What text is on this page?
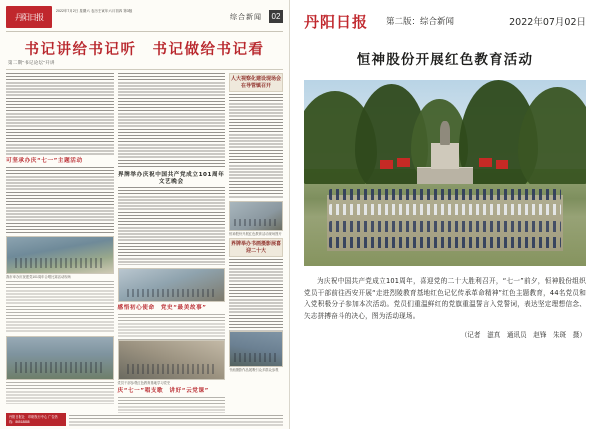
丹阳日报
2022年7月2日 星期六 农历壬寅年六月初四 第3版
综合新闻	02
书记讲给书记听　书记做给书记看
第二期“书记论坛”开讲
可坚承办庆“七一”主题活动
我市举办庆祝建党101周年合唱比赛活动现场
界牌举办庆祝中国共产党成立101周年文艺晚会
感悟初心使命　党史“最美故事”
党员干部参观红色教育基地学习党史
庆“七一”唱支歌　讲好“云党课”
人大视察化建设现场会在导管镇召开
恒神股份开展红色教育活动现场图片
界牌举办书画摄影展喜迎二十大
书画摄影作品展吸引众多群众参观
丹阳日报社　印刷发行中心 广告热线：86518888
丹阳日报 第二版：综合新闻	2022年07月02日
恒神股份开展红色教育活动

为庆祝中国共产党成立101周年，喜迎党的二十大胜利召开，“七一”前夕，恒神股份组织党员干部前往西安开展“走进烈陵教育基地红色记忆传承革命精神”红色主题教育，44名党员和入党积极分子参加本次活动。党员们重温鲜红的党旗重温誓言入党誓词，表达坚定理想信念、矢志拼搏奋斗的决心，图为活动现场。

（记者　滋真　通讯员　赵锋　朱斑　摄）
